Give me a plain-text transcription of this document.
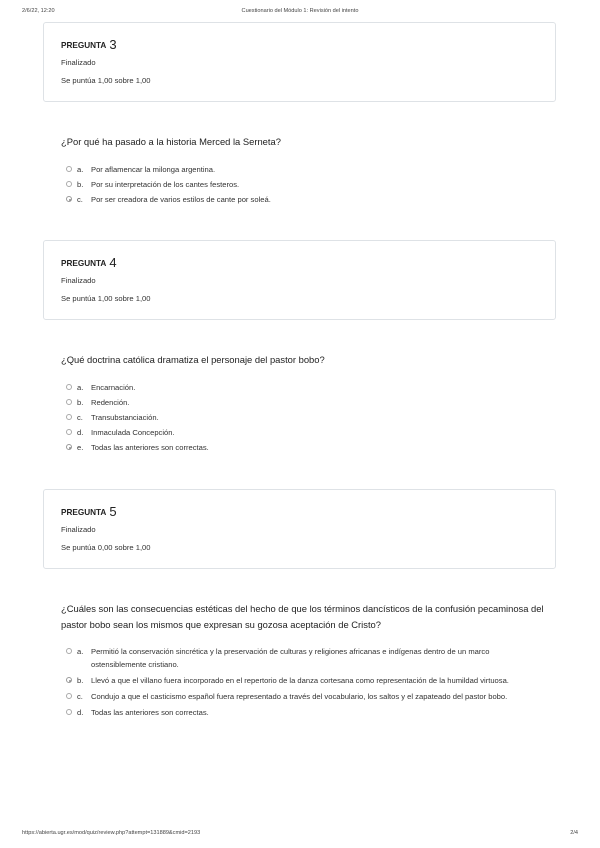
2/6/22, 12:20	Cuestionario del Módulo 1: Revisión del intento
PREGUNTA 3
Finalizado
Se puntúa 1,00 sobre 1,00
¿Por qué ha pasado a la historia Merced la Serneta?
a. Por aflamencar la milonga argentina.
b. Por su interpretación de los cantes festeros.
c. Por ser creadora de varios estilos de cante por soleá.
PREGUNTA 4
Finalizado
Se puntúa 1,00 sobre 1,00
¿Qué doctrina católica dramatiza el personaje del pastor bobo?
a. Encarnación.
b. Redención.
c. Transubstanciación.
d. Inmaculada Concepción.
e. Todas las anteriores son correctas.
PREGUNTA 5
Finalizado
Se puntúa 0,00 sobre 1,00
¿Cuáles son las consecuencias estéticas del hecho de que los términos dancísticos de la confusión pecaminosa del pastor bobo sean los mismos que expresan su gozosa aceptación de Cristo?
a. Permitió la conservación sincrética y la preservación de culturas y religiones africanas e indígenas dentro de un marco ostensiblemente cristiano.
b. Llevó a que el villano fuera incorporado en el repertorio de la danza cortesana como representación de la humildad virtuosa.
c. Condujo a que el casticismo español fuera representado a través del vocabulario, los saltos y el zapateado del pastor bobo.
d. Todas las anteriores son correctas.
https://abierta.ugr.es/mod/quiz/review.php?attempt=131889&cmid=2193	2/4
